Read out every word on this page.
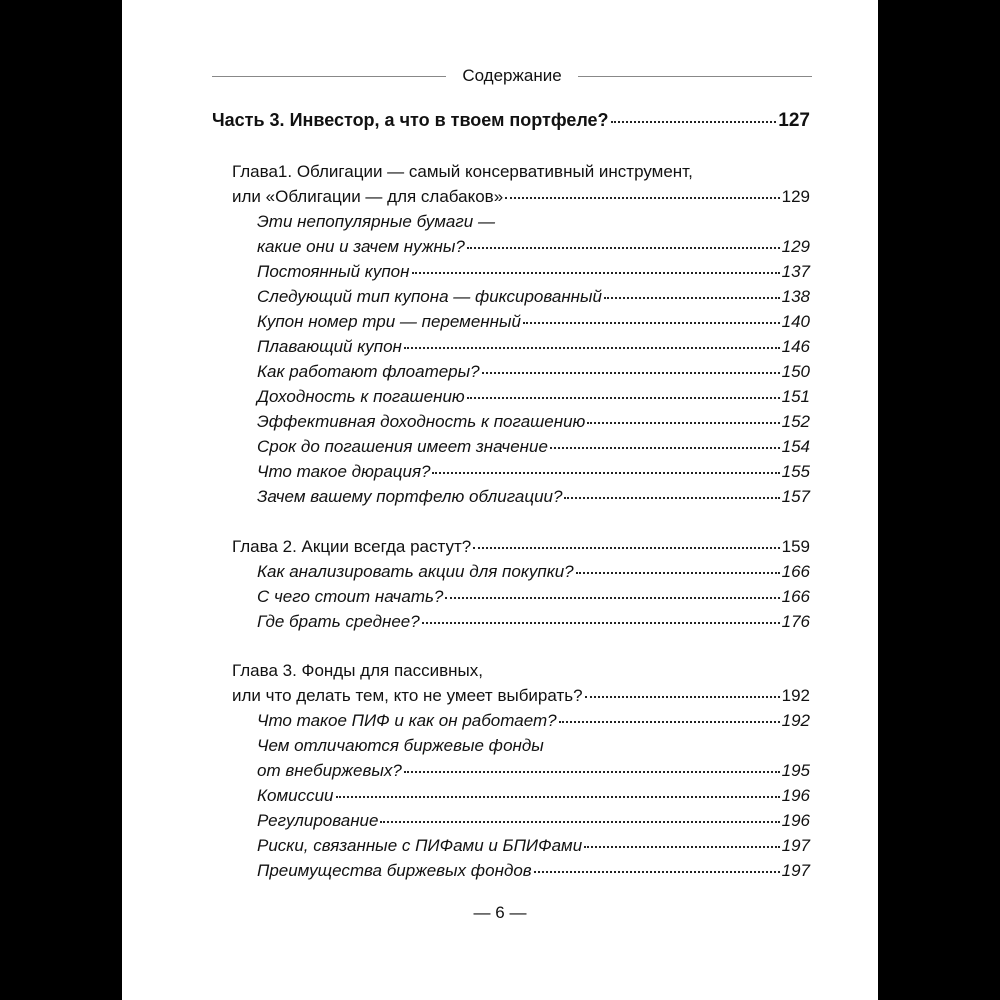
Содержание
Часть 3. Инвестор, а что в твоем портфеле?	127
Глава1. Облигации — самый консервативный инструмент,
или «Облигации — для слабаков»	129
Эти непопулярные бумаги —
какие они и зачем нужны?	129
Постоянный купон	137
Следующий тип купона — фиксированный	138
Купон номер три — переменный	140
Плавающий купон	146
Как работают флоатеры?	150
Доходность к погашению	151
Эффективная доходность к погашению	152
Срок до погашения имеет значение	154
Что такое дюрация?	155
Зачем вашему портфелю облигации?	157
Глава 2. Акции всегда растут?	159
Как анализировать акции для покупки?	166
С чего стоит начать?	166
Где брать среднее?	176
Глава 3. Фонды для пассивных,
или что делать тем, кто не умеет выбирать?	192
Что такое ПИФ и как он работает?	192
Чем отличаются биржевые фонды
от внебиржевых?	195
Комиссии	196
Регулирование	196
Риски, связанные с ПИФами и БПИФами	197
Преимущества биржевых фондов	197
— 6 —
